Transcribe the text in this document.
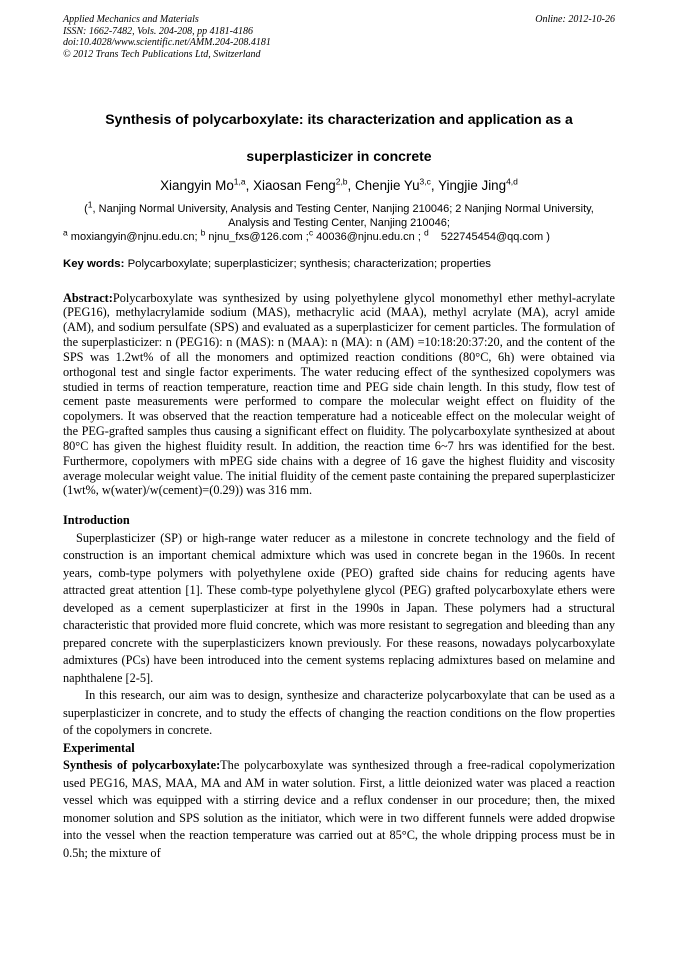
Applied Mechanics and Materials
ISSN: 1662-7482, Vols. 204-208, pp 4181-4186
doi:10.4028/www.scientific.net/AMM.204-208.4181
© 2012 Trans Tech Publications Ltd, Switzerland
Online: 2012-10-26
Synthesis of polycarboxylate: its characterization and application as a superplasticizer in concrete
Xiangyin Mo$^{1,a}$, Xiaosan Feng$^{2,b}$, Chenjie Yu$^{3,c}$, Yingjie Jing$^{4,d}$
($^1$, Nanjing Normal University, Analysis and Testing Center, Nanjing 210046; 2 Nanjing Normal University, Analysis and Testing Center, Nanjing 210046;
$^a$ moxiangyin@njnu.edu.cn; $^b$ njnu_fxs@126.com ;$^c$ 40036@njnu.edu.cn ; $^d$    522745454@qq.com )
Key words: Polycarboxylate; superplasticizer; synthesis; characterization; properties
Abstract:Polycarboxylate was synthesized by using polyethylene glycol monomethyl ether methyl-acrylate (PEG16), methylacrylamide sodium (MAS), methacrylic acid (MAA), methyl acrylate (MA), acryl amide (AM), and sodium persulfate (SPS) and evaluated as a superplasticizer for cement particles. The formulation of the superplasticizer: n (PEG16): n (MAS): n (MAA): n (MA): n (AM) =10:18:20:37:20, and the content of the SPS was 1.2wt% of all the monomers and optimized reaction conditions (80°C, 6h) were obtained via orthogonal test and single factor experiments. The water reducing effect of the synthesized copolymers was studied in terms of reaction temperature, reaction time and PEG side chain length. In this study, flow test of cement paste measurements were performed to compare the molecular weight effect on fluidity of the copolymers. It was observed that the reaction temperature had a noticeable effect on the molecular weight of the PEG-grafted samples thus causing a significant effect on fluidity. The polycarboxylate synthesized at about 80°C has given the highest fluidity result. In addition, the reaction time 6~7 hrs was identified for the best. Furthermore, copolymers with mPEG side chains with a degree of 16 gave the highest fluidity and viscosity average molecular weight value. The initial fluidity of the cement paste containing the prepared superplasticizer (1wt%, w(water)/w(cement)=(0.29)) was 316 mm.
Introduction

Superplasticizer (SP) or high-range water reducer as a milestone in concrete technology and the field of construction is an important chemical admixture which was used in concrete began in the 1960s. In recent years, comb-type polymers with polyethylene oxide (PEO) grafted side chains for reducing agents have attracted great attention [1]. These comb-type polyethylene glycol (PEG) grafted polycarboxylate ethers were developed as a cement superplasticizer at first in the 1990s in Japan. These polymers had a structural characteristic that provided more fluid concrete, which was more resistant to segregation and bleeding than any prepared concrete with the superplasticizers known previously. For these reasons, nowadays polycarboxylate admixtures (PCs) have been introduced into the cement systems replacing admixtures based on melamine and naphthalene [2-5].

In this research, our aim was to design, synthesize and characterize polycarboxylate that can be used as a superplasticizer in concrete, and to study the effects of changing the reaction conditions on the flow properties of the copolymers in concrete.

Experimental

Synthesis of polycarboxylate:The polycarboxylate was synthesized through a free-radical copolymerization used PEG16, MAS, MAA, MA and AM in water solution. First, a little deionized water was placed a reaction vessel which was equipped with a stirring device and a reflux condenser in our procedure; then, the mixed monomer solution and SPS solution as the initiator, which were in two different funnels were added dropwise into the vessel when the reaction temperature was carried out at 85°C, the whole dripping process must be in 0.5h; the mixture of
